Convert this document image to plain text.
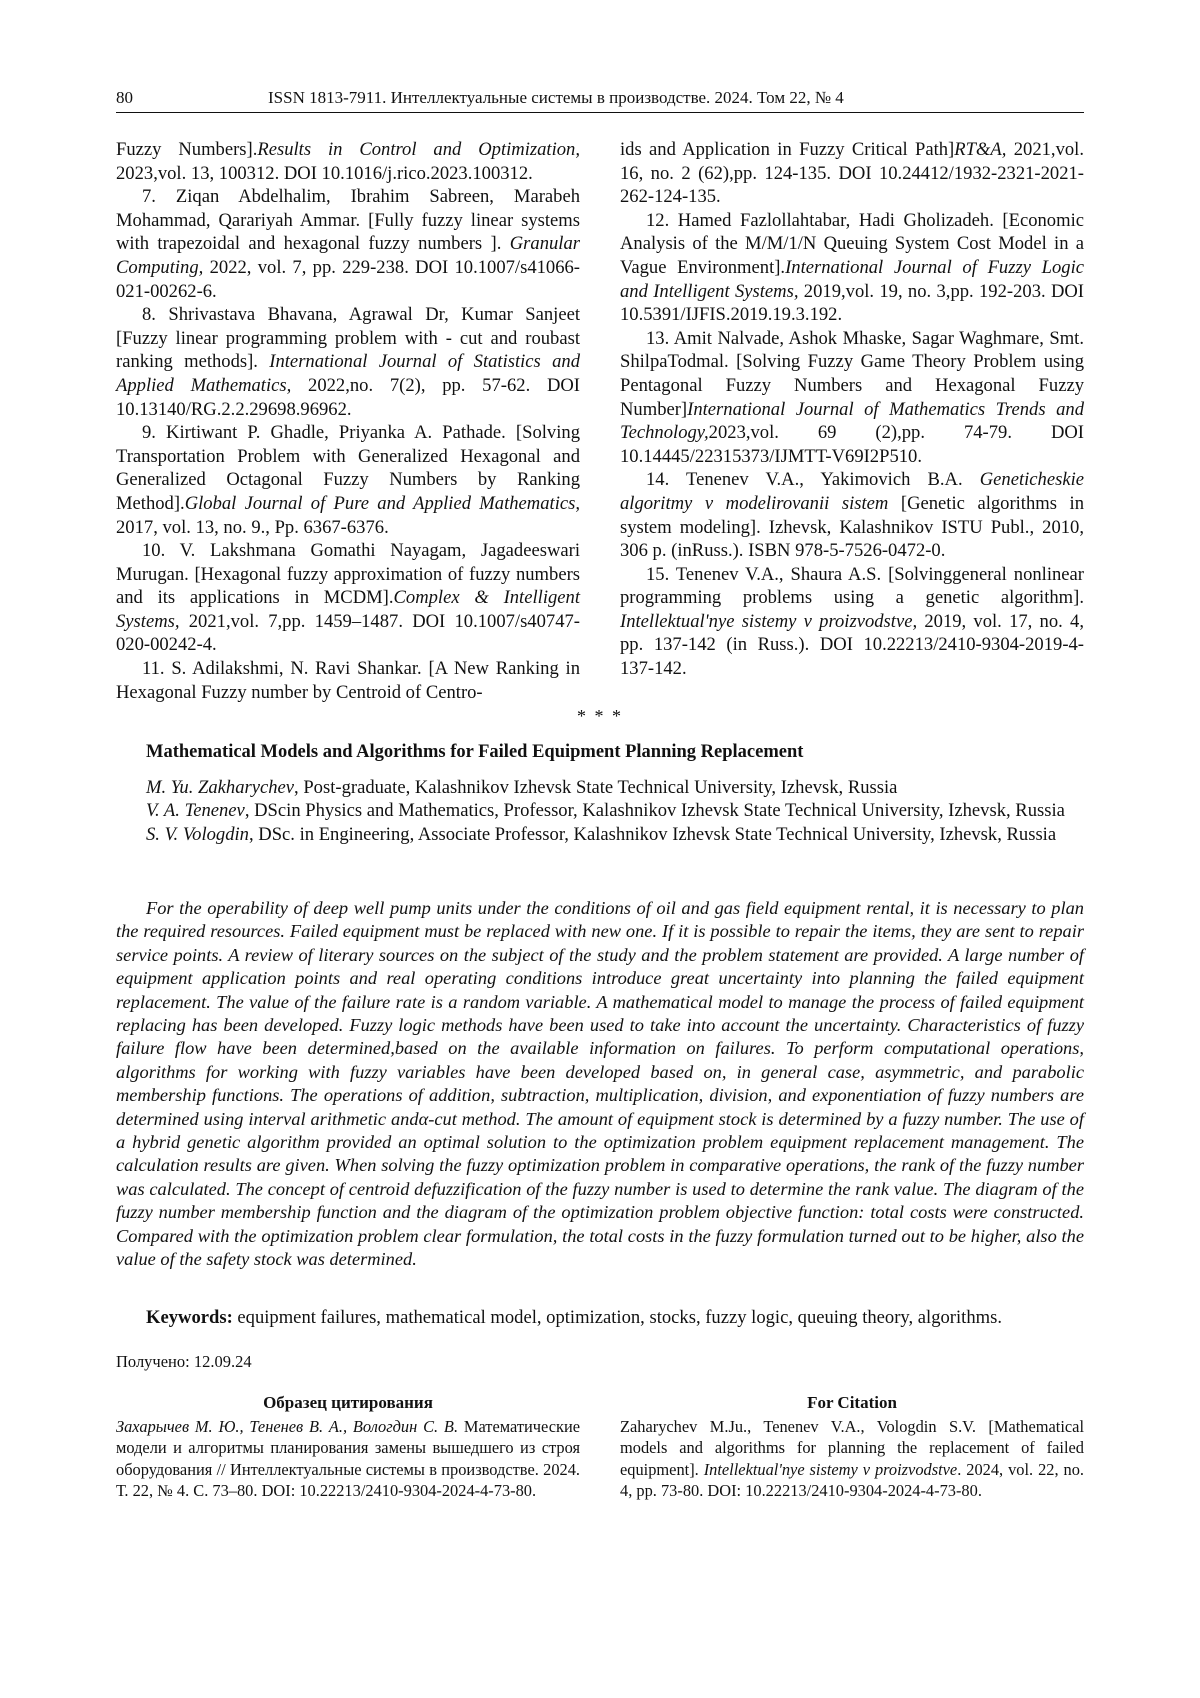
80	ISSN 1813-7911. Интеллектуальные системы в производстве. 2024. Том 22, № 4

Fuzzy Numbers].Results in Control and Optimization, 2023,vol. 13, 100312. DOI 10.1016/j.rico.2023.100312.

7. Ziqan Abdelhalim, Ibrahim Sabreen, Marabeh Mohammad, Qarariyah Ammar. [Fully fuzzy linear systems with trapezoidal and hexagonal fuzzy numbers ]. Granular Computing, 2022, vol. 7, pp. 229-238. DOI 10.1007/s41066-021-00262-6.

8. Shrivastava Bhavana, Agrawal Dr, Kumar Sanjeet [Fuzzy linear programming problem with - cut and roubast ranking methods]. International Journal of Statistics and Applied Mathematics, 2022,no. 7(2), pp. 57-62. DOI 10.13140/RG.2.2.29698.96962.

9. Kirtiwant P. Ghadle, Priyanka A. Pathade. [Solving Transportation Problem with Generalized Hexagonal and Generalized Octagonal Fuzzy Numbers by Ranking Method].Global Journal of Pure and Applied Mathematics, 2017, vol. 13, no. 9., Pp. 6367-6376.

10. V. Lakshmana Gomathi Nayagam, Jagadeeswari Murugan. [Hexagonal fuzzy approximation of fuzzy numbers and its applications in MCDM].Complex & Intelligent Systems, 2021,vol. 7,pp. 1459–1487. DOI 10.1007/s40747-020-00242-4.

11. S. Adilakshmi, N. Ravi Shankar. [A New Ranking in Hexagonal Fuzzy number by Centroid of Centro-

ids and Application in Fuzzy Critical Path]RT&A, 2021,vol. 16, no. 2 (62),pp. 124-135. DOI 10.24412/1932-2321-2021-262-124-135.

12. Hamed Fazlollahtabar, Hadi Gholizadeh. [Economic Analysis of the M/M/1/N Queuing System Cost Model in a Vague Environment].International Journal of Fuzzy Logic and Intelligent Systems, 2019,vol. 19, no. 3,pp. 192-203. DOI 10.5391/IJFIS.2019.19.3.192.

13. Amit Nalvade, Ashok Mhaske, Sagar Waghmare, Smt. ShilpaTodmal. [Solving Fuzzy Game Theory Problem using Pentagonal Fuzzy Numbers and Hexagonal Fuzzy Number]International Journal of Mathematics Trends and Technology,2023,vol. 69 (2),pp. 74-79. DOI 10.14445/22315373/IJMTT-V69I2P510.

14. Tenenev V.A., Yakimovich B.A. Geneticheskie algoritmy v modelirovanii sistem [Genetic algorithms in system modeling]. Izhevsk, Kalashnikov ISTU Publ., 2010, 306 p. (inRuss.). ISBN 978-5-7526-0472-0.

15. Tenenev V.A., Shaura A.S. [Solvinggeneral nonlinear programming problems using a genetic algorithm]. Intellektual'nye sistemy v proizvodstve, 2019, vol. 17, no. 4, pp. 137-142 (in Russ.). DOI 10.22213/2410-9304-2019-4-137-142.

* * *
Mathematical Models and Algorithms for Failed Equipment Planning Replacement

M. Yu. Zakharychev, Post-graduate, Kalashnikov Izhevsk State Technical University, Izhevsk, Russia

V. A. Tenenev, DScin Physics and Mathematics, Professor, Kalashnikov Izhevsk State Technical University, Izhevsk, Russia

S. V. Vologdin, DSc. in Engineering, Associate Professor, Kalashnikov Izhevsk State Technical University, Izhevsk, Russia

For the operability of deep well pump units under the conditions of oil and gas field equipment rental, it is necessary to plan the required resources. Failed equipment must be replaced with new one. If it is possible to repair the items, they are sent to repair service points. A review of literary sources on the subject of the study and the problem statement are provided. A large number of equipment application points and real operating conditions introduce great uncertainty into planning the failed equipment replacement. The value of the failure rate is a random variable. A mathematical model to manage the process of failed equipment replacing has been developed. Fuzzy logic methods have been used to take into account the uncertainty. Characteristics of fuzzy failure flow have been determined,based on the available information on failures. To perform computational operations, algorithms for working with fuzzy variables have been developed based on, in general case, asymmetric, and parabolic membership functions. The operations of addition, subtraction, multiplication, division, and exponentiation of fuzzy numbers are determined using interval arithmetic andα-cut method. The amount of equipment stock is determined by a fuzzy number. The use of a hybrid genetic algorithm provided an optimal solution to the optimization problem equipment replacement management. The calculation results are given. When solving the fuzzy optimization problem in comparative operations, the rank of the fuzzy number was calculated. The concept of centroid defuzzification of the fuzzy number is used to determine the rank value. The diagram of the fuzzy number membership function and the diagram of the optimization problem objective function: total costs were constructed. Compared with the optimization problem clear formulation, the total costs in the fuzzy formulation turned out to be higher, also the value of the safety stock was determined.

Keywords: equipment failures, mathematical model, optimization, stocks, fuzzy logic, queuing theory, algorithms.

Получено: 12.09.24
Образец цитирования

Захарычев М. Ю., Тененев В. А., Вологдин С. В. Математические модели и алгоритмы планирования замены вышедшего из строя оборудования // Интеллектуальные системы в производстве. 2024. Т. 22, № 4. С. 73–80. DOI: 10.22213/2410-9304-2024-4-73-80.

For Citation

Zaharychev M.Ju., Tenenev V.A., Vologdin S.V. [Mathematical models and algorithms for planning the replacement of failed equipment]. Intellektual'nye sistemy v proizvodstve. 2024, vol. 22, no. 4, pp. 73-80. DOI: 10.22213/2410-9304-2024-4-73-80.
